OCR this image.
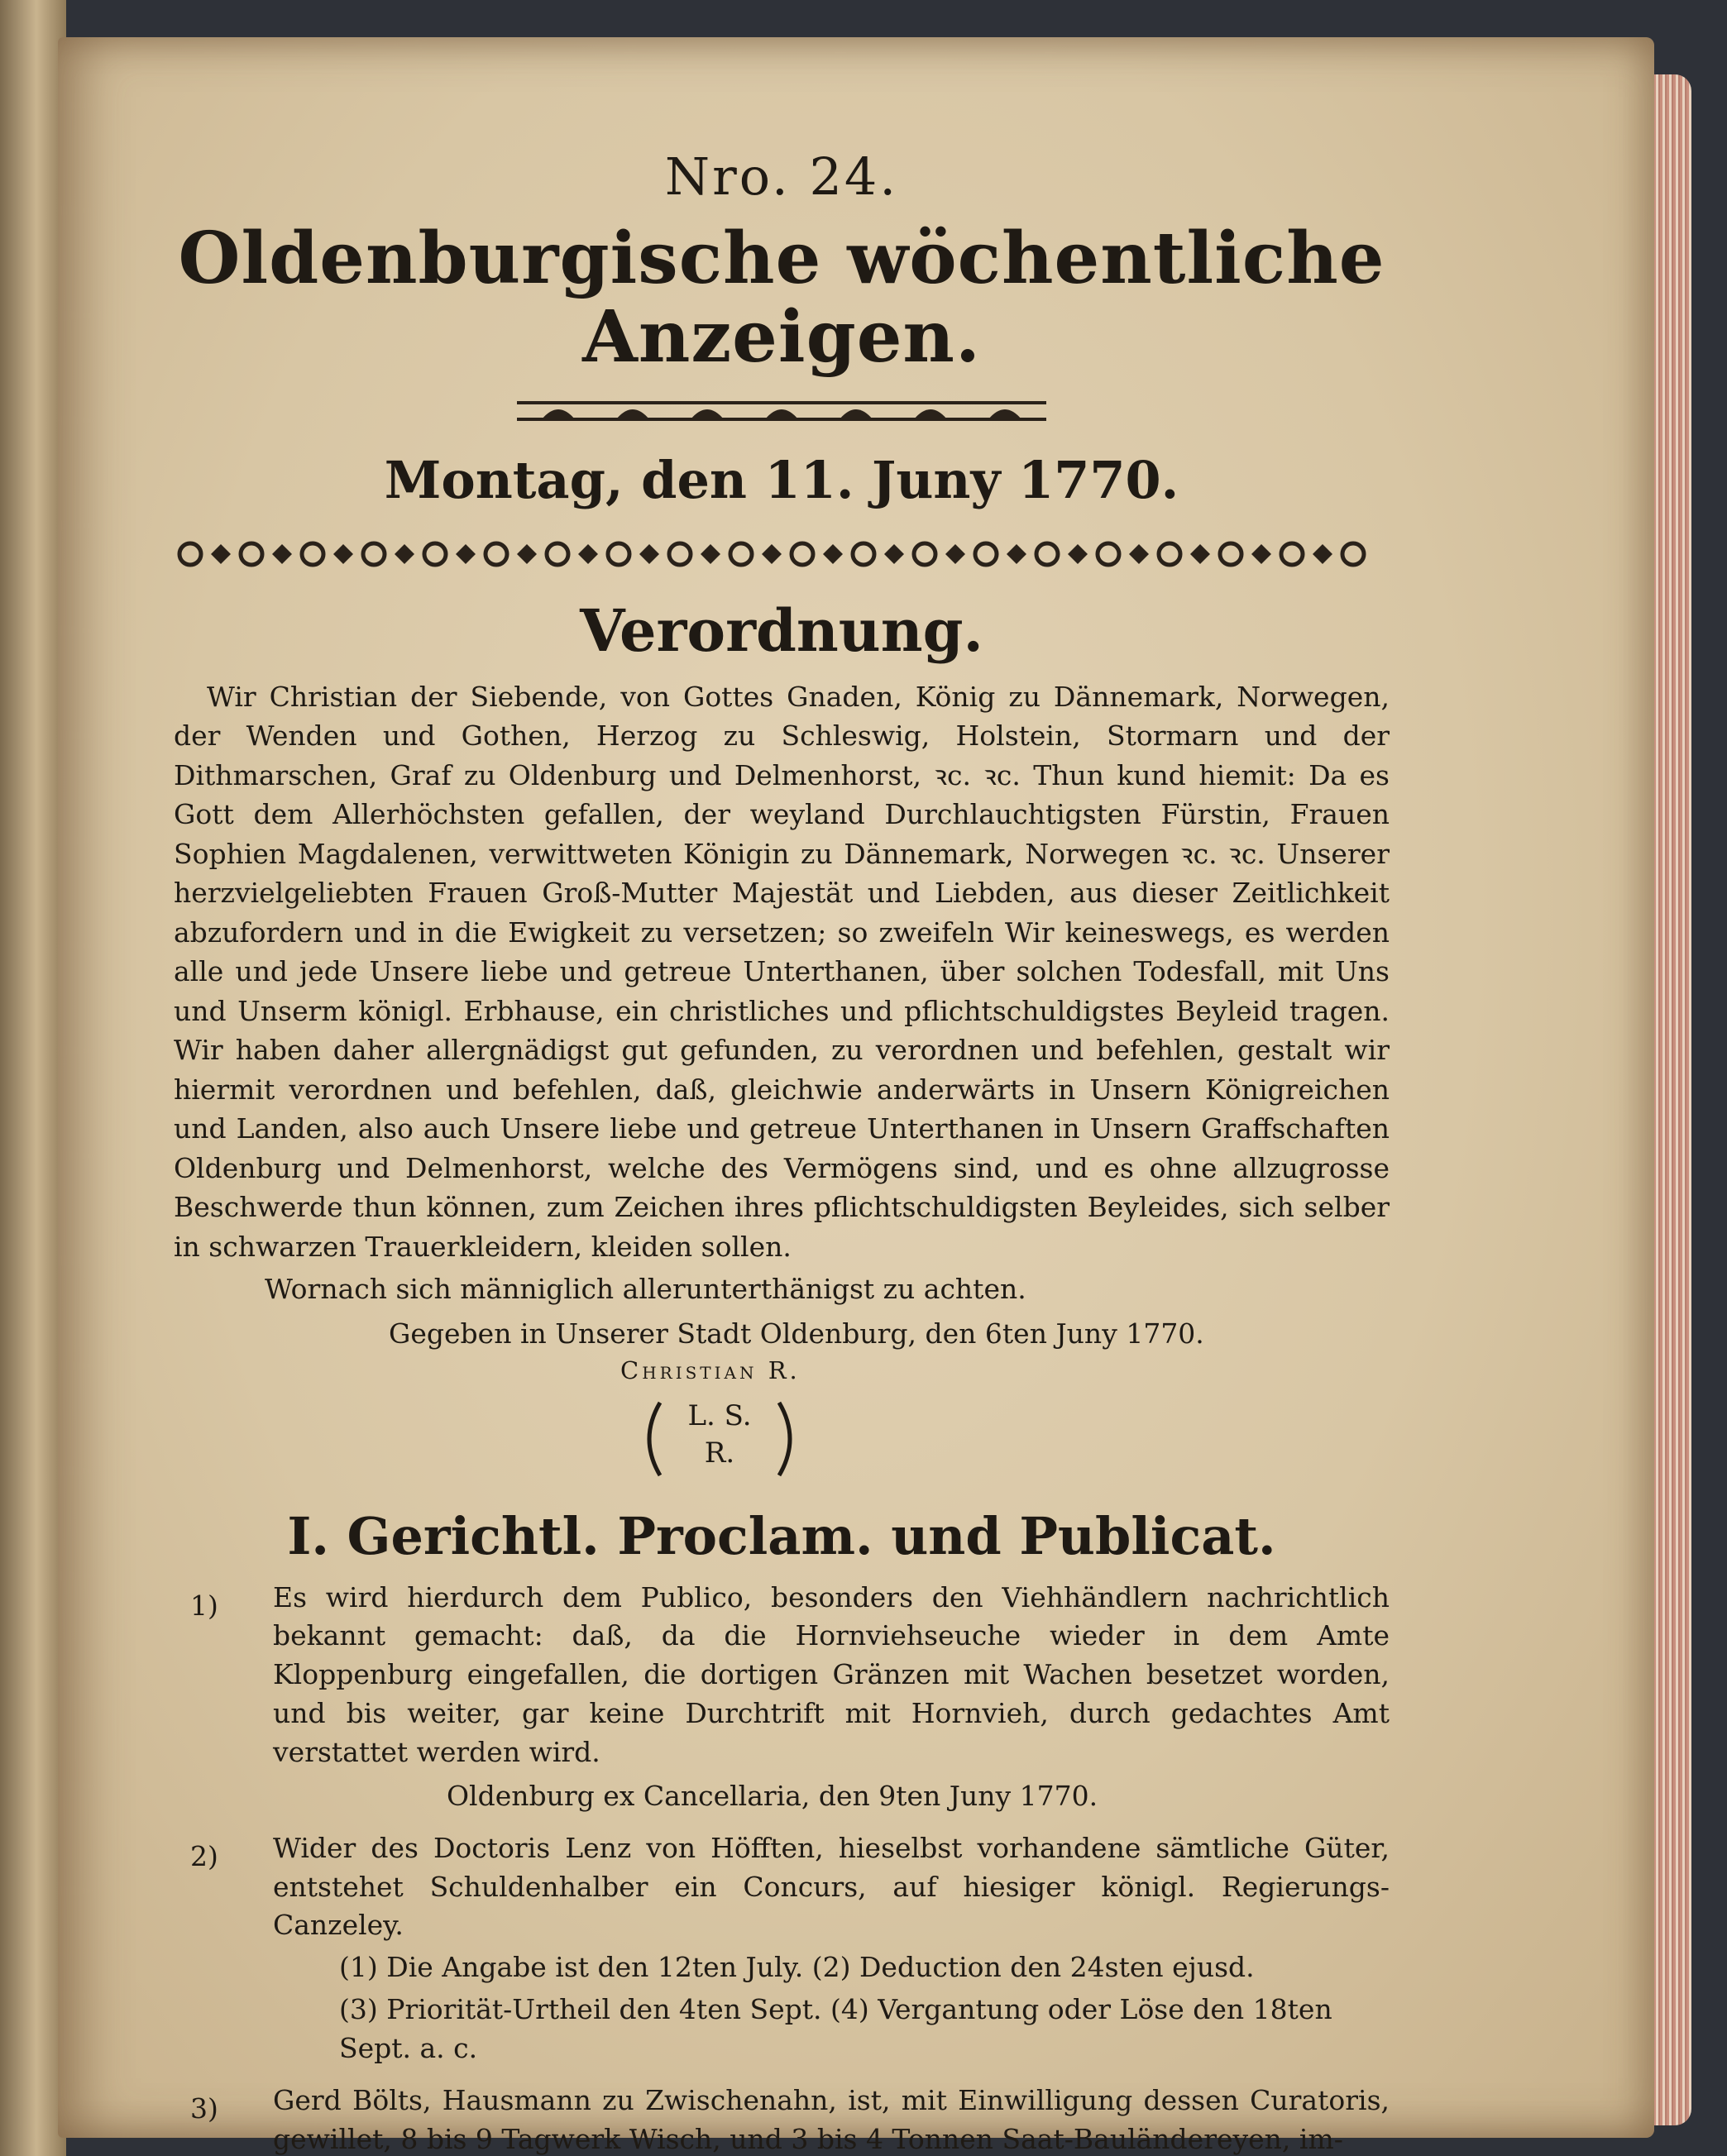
Nro. 24.

Oldenburgische wöchentliche Anzeigen.

Montag, den 11. Juny 1770.

Verordnung.

Wir Christian der Siebende, von Gottes Gnaden, König zu Dännemark, Norwegen, der Wenden und Gothen, Herzog zu Schleswig, Holstein, Stormarn und der Dithmarschen, Graf zu Oldenburg und Delmenhorst, ꝛc. ꝛc. Thun kund hiemit: Da es Gott dem Allerhöchsten gefallen, der weyland Durchlauchtigsten Fürstin, Frauen Sophien Magdalenen, verwittweten Königin zu Dännemark, Norwegen ꝛc. ꝛc. Unserer herzvielgeliebten Frauen Groß-Mutter Majestät und Liebden, aus dieser Zeitlichkeit abzufordern und in die Ewigkeit zu versetzen; so zweifeln Wir keineswegs, es werden alle und jede Unsere liebe und getreue Unterthanen, über solchen Todesfall, mit Uns und Unserm königl. Erbhause, ein christliches und pflichtschuldigstes Beyleid tragen. Wir haben daher allergnädigst gut gefunden, zu verordnen und befehlen, gestalt wir hiermit verordnen und befehlen, daß, gleichwie anderwärts in Unsern Königreichen und Landen, also auch Unsere liebe und getreue Unterthanen in Unsern Graffschaften Oldenburg und Delmenhorst, welche des Vermögens sind, und es ohne allzugrosse Beschwerde thun können, zum Zeichen ihres pflichtschuldigsten Beyleides, sich selber in schwarzen Trauerkleidern, kleiden sollen.

Wornach sich männiglich allerunterthänigst zu achten.

Gegeben in Unserer Stadt Oldenburg, den 6ten Juny 1770.

Christian R.

L. S.
R.
I. Gerichtl. Proclam. und Publicat.
1) Es wird hierdurch dem Publico, besonders den Viehhändlern nachrichtlich bekannt gemacht: daß, da die Hornviehseuche wieder in dem Amte Kloppenburg eingefallen, die dortigen Gränzen mit Wachen besetzet worden, und bis weiter, gar keine Durchtrift mit Hornvieh, durch gedachtes Amt verstattet werden wird.

Oldenburg ex Cancellaria, den 9ten Juny 1770.

2) Wider des Doctoris Lenz von Höfften, hieselbst vorhandene sämtliche Güter, entstehet Schuldenhalber ein Concurs, auf hiesiger königl. Regierungs-Canzeley.

(1) Die Angabe ist den 12ten July. (2) Deduction den 24sten ejusd.

(3) Priorität-Urtheil den 4ten Sept. (4) Vergantung oder Löse den 18ten Sept. a. c.

3) Gerd Bölts, Hausmann zu Zwischenahn, ist, mit Einwilligung dessen Curatoris, gewillet, 8 bis 9 Tagwerk Wisch, und 3 bis 4 Tonnen Saat-Bauländereyen, im-
